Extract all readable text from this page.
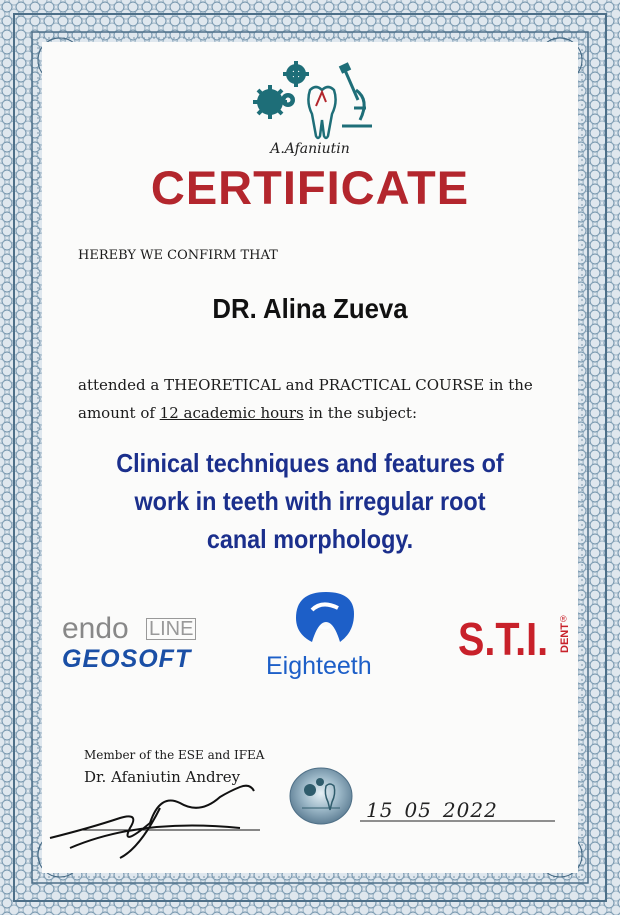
A.Afaniutin

CERTIFICATE

HEREBY WE CONFIRM THAT

DR. Alina Zueva

attended a THEORETICAL and PRACTICAL COURSE in the

amount of 12 academic hours in the subject:

Clinical techniques and features of

work in teeth with irregular root

canal morphology.

endo LINE

GEOSOFT	Eighteeth

S.T.I. DENT

®

Member of the ESE and IFEA

Dr. Afaniutin Andrey

15_05_2022
